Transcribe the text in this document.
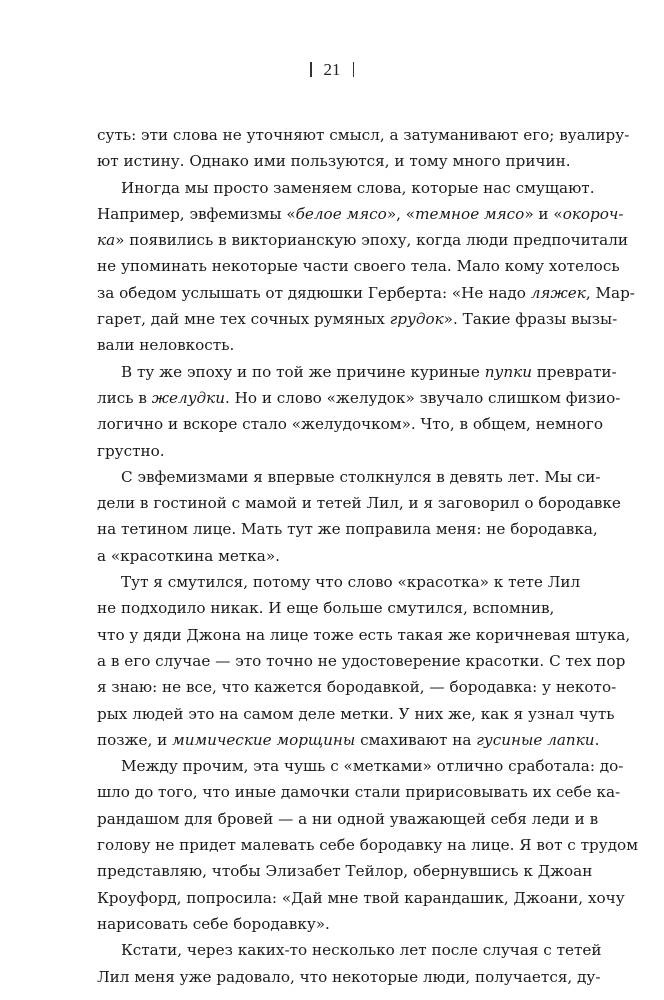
21
суть: эти слова не уточняют смысл, а затуманивают его; вуалиру-
ют истину. Однако ими пользуются, и тому много причин.
Иногда мы просто заменяем слова, которые нас смущают.
Например, эвфемизмы «белое мясо», «темное мясо» и «окороч-
ка» появились в викторианскую эпоху, когда люди предпочитали
не упоминать некоторые части своего тела. Мало кому хотелось
за обедом услышать от дядюшки Герберта: «Не надо ляжек, Мар-
гарет, дай мне тех сочных румяных грудок». Такие фразы вызы-
вали неловкость.
В ту же эпоху и по той же причине куриные пупки преврати-
лись в желудки. Но и слово «желудок» звучало слишком физио-
логично и вскоре стало «желудочком». Что, в общем, немного
грустно.
С эвфемизмами я впервые столкнулся в девять лет. Мы си-
дели в гостиной с мамой и тетей Лил, и я заговорил о бородавке
на тетином лице. Мать тут же поправила меня: не бородавка,
а «красоткина метка».
Тут я смутился, потому что слово «красотка» к тете Лил
не подходило никак. И еще больше смутился, вспомнив,
что у дяди Джона на лице тоже есть такая же коричневая штука,
а в его случае — это точно не удостоверение красотки. С тех пор
я знаю: не все, что кажется бородавкой, — бородавка: у некото-
рых людей это на самом деле метки. У них же, как я узнал чуть
позже, и мимические морщины смахивают на гусиные лапки.
Между прочим, эта чушь с «метками» отлично сработала: до-
шло до того, что иные дамочки стали пририсовывать их себе ка-
рандашом для бровей — а ни одной уважающей себя леди и в
голову не придет малевать себе бородавку на лице. Я вот с трудом
представляю, чтобы Элизабет Тейлор, обернувшись к Джоан
Кроуфорд, попросила: «Дай мне твой карандашик, Джоани, хочу
нарисовать себе бородавку».
Кстати, через каких-то несколько лет после случая с тетей
Лил меня уже радовало, что некоторые люди, получается, ду-
